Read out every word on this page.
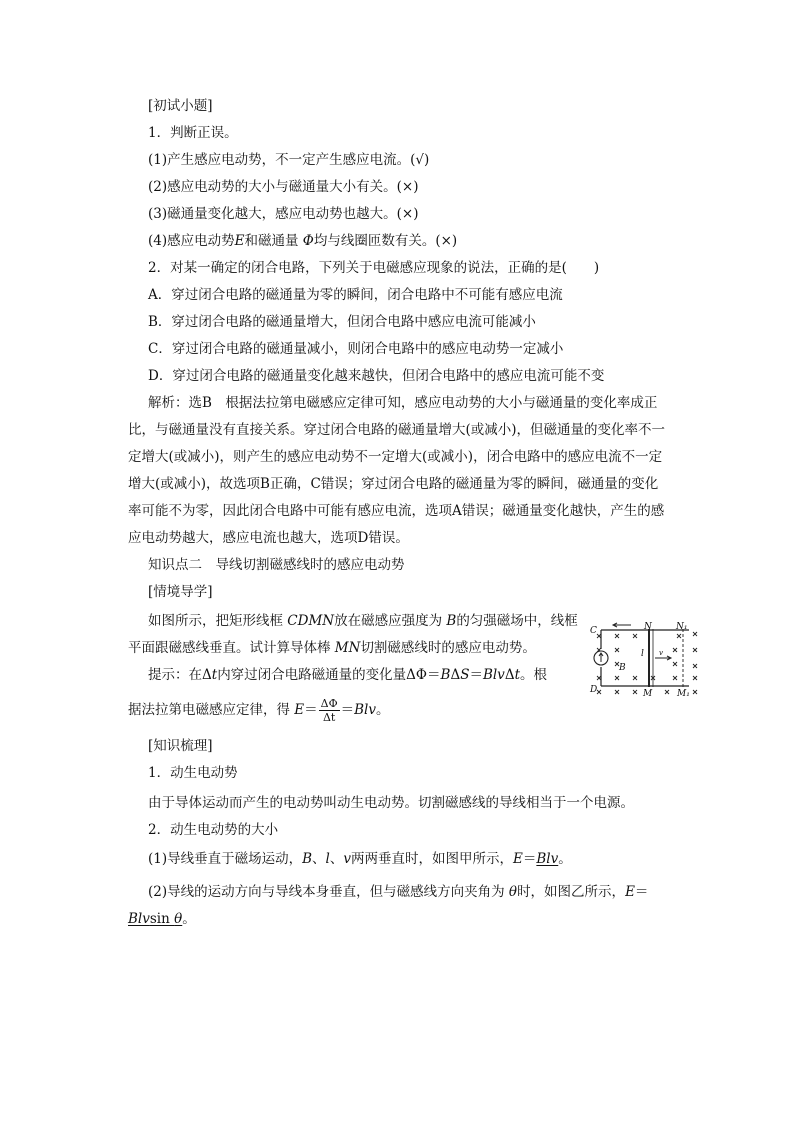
[初试小题]
1．判断正误。
(1)产生感应电动势，不一定产生感应电流。(√)
(2)感应电动势的大小与磁通量大小有关。(×)
(3)磁通量变化越大，感应电动势也越大。(×)
(4)感应电动势E和磁通量 Φ均与线圈匝数有关。(×)
2．对某一确定的闭合电路，下列关于电磁感应现象的说法，正确的是(　　)
A．穿过闭合电路的磁通量为零的瞬间，闭合电路中不可能有感应电流
B．穿过闭合电路的磁通量增大，但闭合电路中感应电流可能减小
C．穿过闭合电路的磁通量减小，则闭合电路中的感应电动势一定减小
D．穿过闭合电路的磁通量变化越来越快，但闭合电路中的感应电流可能不变
解析：选B　根据法拉第电磁感应定律可知，感应电动势的大小与磁通量的变化率成正
比，与磁通量没有直接关系。穿过闭合电路的磁通量增大(或减小)，但磁通量的变化率不一
定增大(或减小)，则产生的感应电动势不一定增大(或减小)，闭合电路中的感应电流不一定
增大(或减小)，故选项B正确，C错误；穿过闭合电路的磁通量为零的瞬间，磁通量的变化
率可能不为零，因此闭合电路中可能有感应电流，选项A错误；磁通量变化越快，产生的感
应电动势越大，感应电流也越大，选项D错误。
知识点二　导线切割磁感线时的感应电动势
[情境导学]
如图所示，把矩形线框 CDMN放在磁感应强度为 B的匀强磁场中，线框
平面跟磁感线垂直。试计算导体棒 MN切割磁感线时的感应电动势。
提示：在Δt内穿过闭合电路磁通量的变化量ΔΦ＝BΔS＝BlvΔt。根
据法拉第电磁感应定律，得 $E= \frac{\Delta\Phi}{\Delta t} =Blv$。
C
D
N	N₁
M	M₁
B
l v
[知识梳理]
1．动生电动势
由于导体运动而产生的电动势叫动生电动势。切割磁感线的导线相当于一个电源。
2．动生电动势的大小
(1)导线垂直于磁场运动，B、l、v两两垂直时，如图甲所示，E＝Blv。
(2)导线的运动方向与导线本身垂直，但与磁感线方向夹角为 θ时，如图乙所示，E＝
Blvsin θ。
